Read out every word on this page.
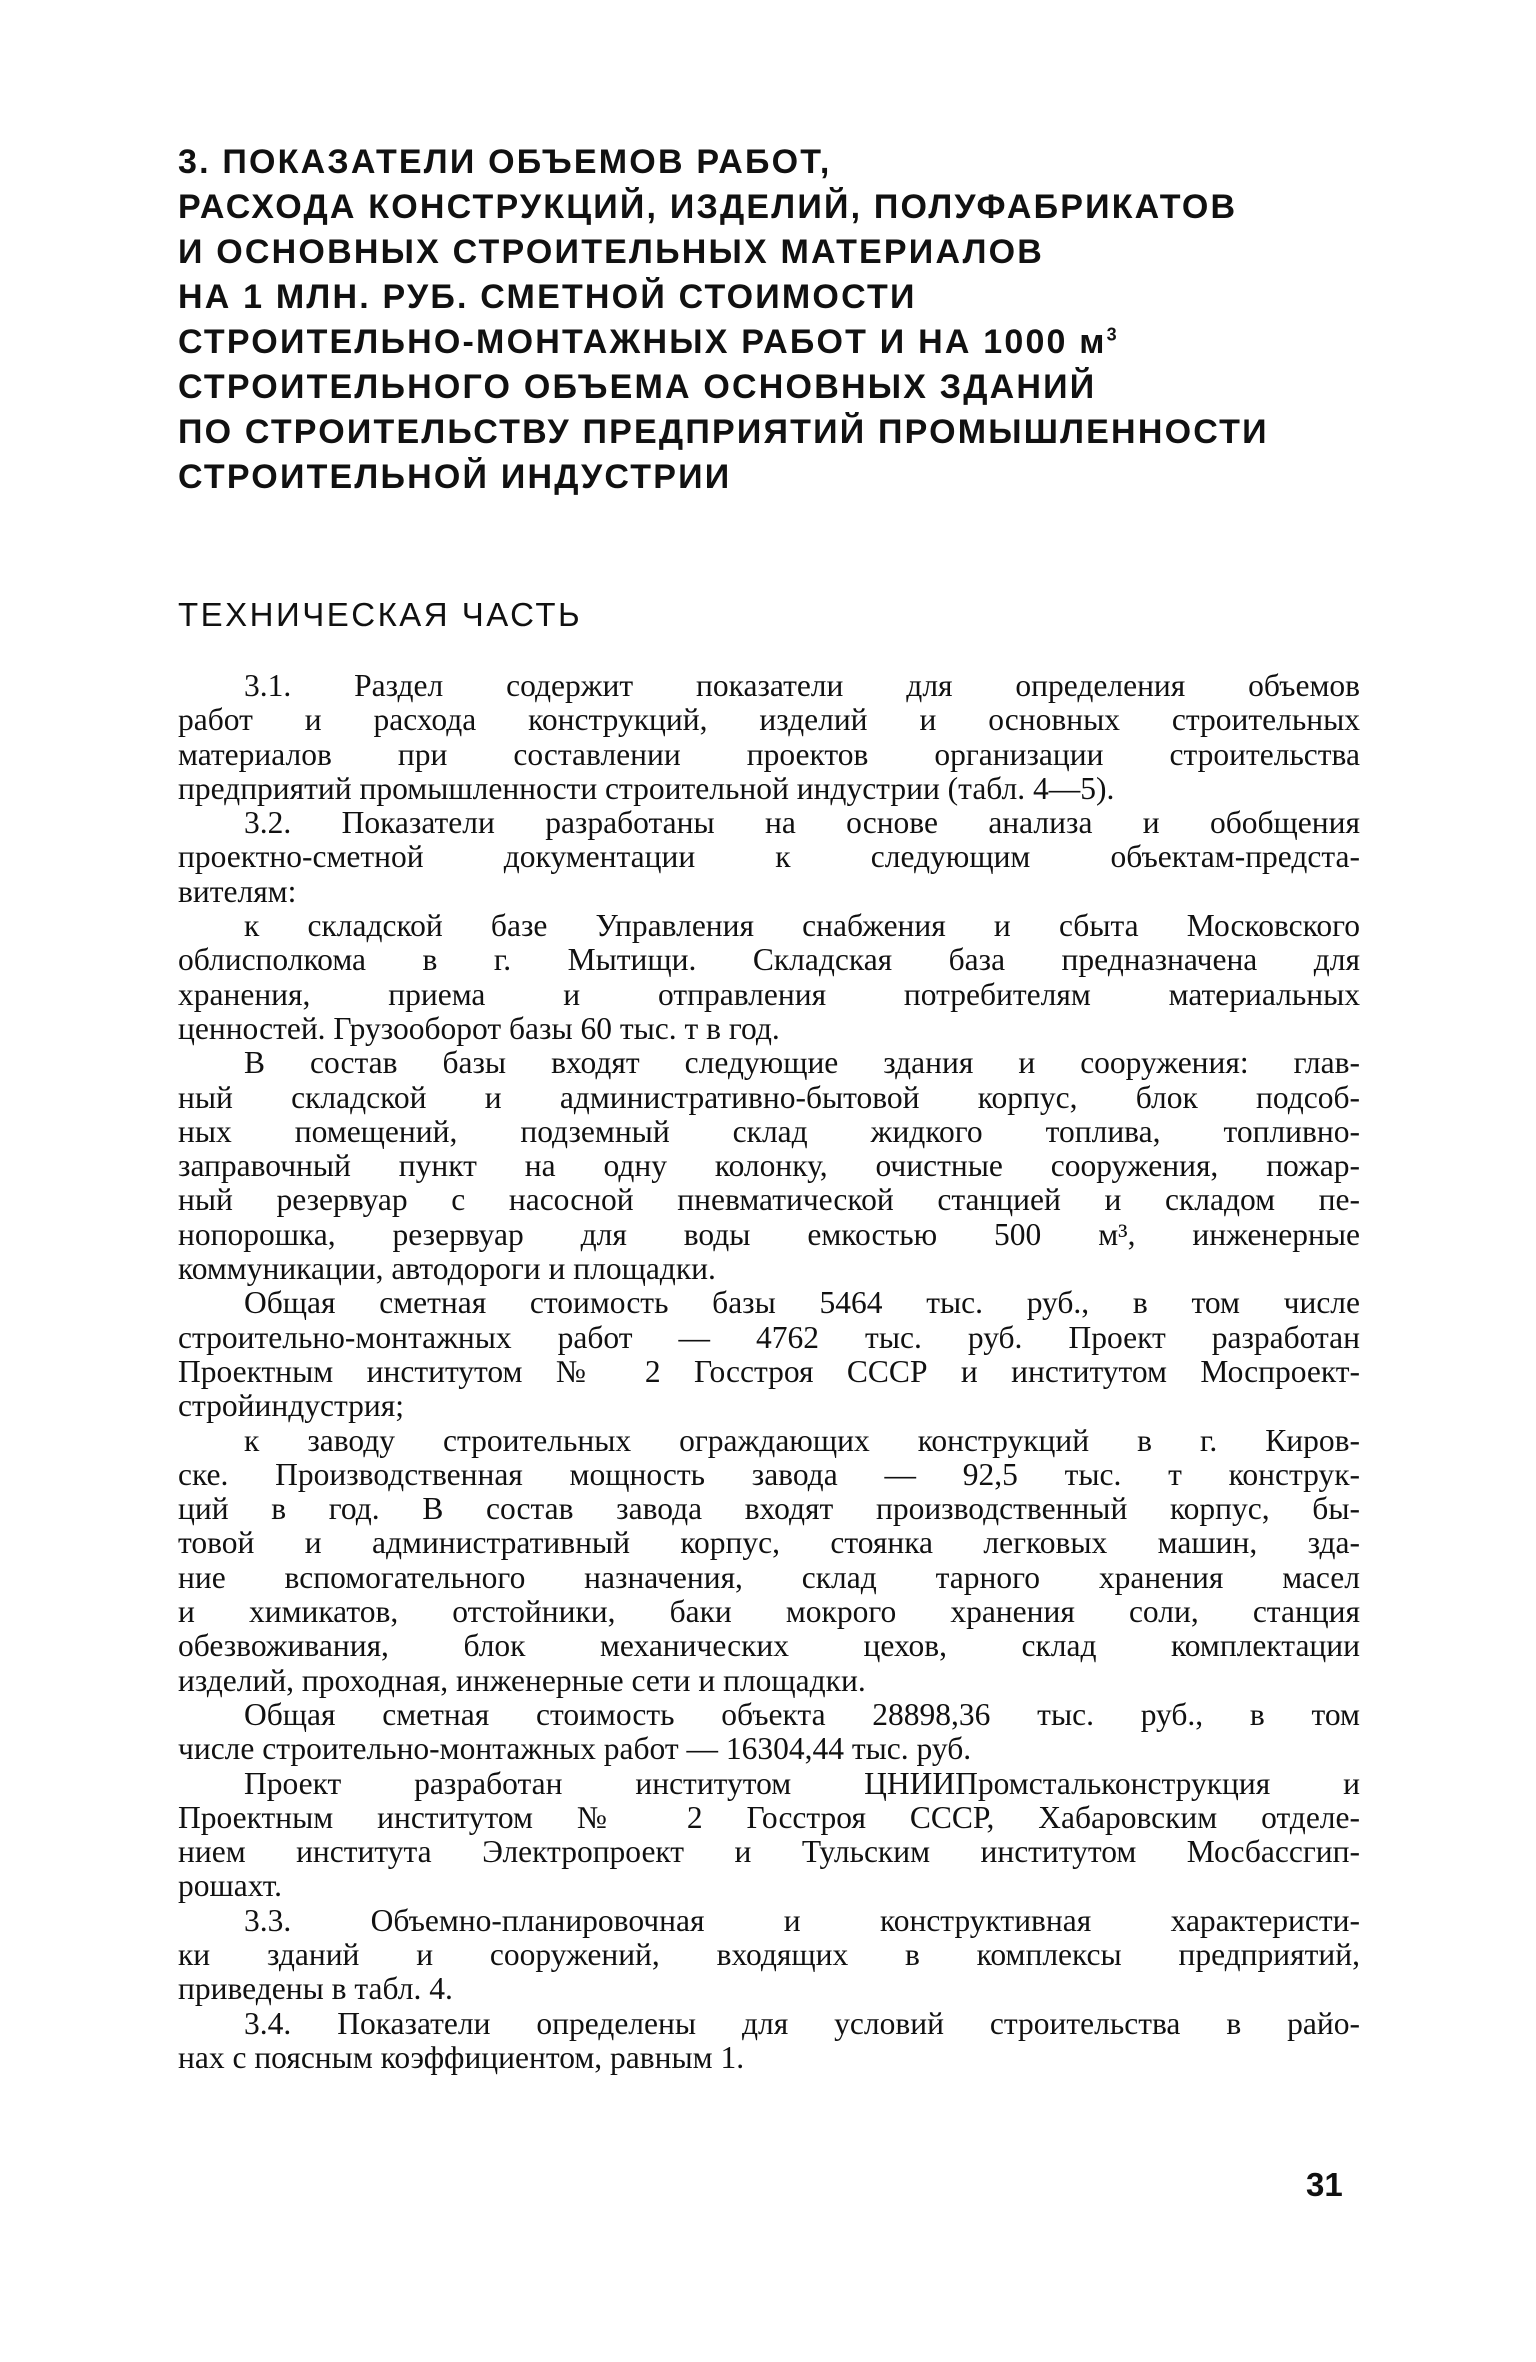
3. ПОКАЗАТЕЛИ ОБЪЕМОВ РАБОТ,
РАСХОДА КОНСТРУКЦИЙ, ИЗДЕЛИЙ, ПОЛУФАБРИКАТОВ
И ОСНОВНЫХ СТРОИТЕЛЬНЫХ МАТЕРИАЛОВ
НА 1 МЛН. РУБ. СМЕТНОЙ СТОИМОСТИ
СТРОИТЕЛЬНО-МОНТАЖНЫХ РАБОТ И НА 1000 $м^3$
СТРОИТЕЛЬНОГО ОБЪЕМА ОСНОВНЫХ ЗДАНИЙ
ПО СТРОИТЕЛЬСТВУ ПРЕДПРИЯТИЙ ПРОМЫШЛЕННОСТИ
СТРОИТЕЛЬНОЙ ИНДУСТРИИ
ТЕХНИЧЕСКАЯ ЧАСТЬ
3.1. Раздел содержит показатели для определения объемов
работ и расхода конструкций, изделий и основных строительных
материалов при составлении проектов организации строительства
предприятий промышленности строительной индустрии (табл. 4—5).
3.2. Показатели разработаны на основе анализа и обобщения
проектно-сметной документации к следующим объектам-предста-
вителям:
к складской базе Управления снабжения и сбыта Московского
облисполкома в г. Мытищи. Складская база предназначена для
хранения, приема и отправления потребителям материальных
ценностей. Грузооборот базы 60 тыс. т в год.
В состав базы входят следующие здания и сооружения: глав-
ный складской и административно-бытовой корпус, блок подсоб-
ных помещений, подземный склад жидкого топлива, топливно-
заправочный пункт на одну колонку, очистные сооружения, пожар-
ный резервуар с насосной пневматической станцией и складом пе-
нопорошка, резервуар для воды емкостью 500 м³, инженерные
коммуникации, автодороги и площадки.
Общая сметная стоимость базы 5464 тыс. руб., в том числе
строительно-монтажных работ — 4762 тыс. руб. Проект разработан
Проектным институтом № 2 Госстроя СССР и институтом Моспроект-
стройиндустрия;
к заводу строительных ограждающих конструкций в г. Киров-
ске. Производственная мощность завода — 92,5 тыс. т конструк-
ций в год. В состав завода входят производственный корпус, бы-
товой и административный корпус, стоянка легковых машин, зда-
ние вспомогательного назначения, склад тарного хранения масел
и химикатов, отстойники, баки мокрого хранения соли, станция
обезвоживания, блок механических цехов, склад комплектации
изделий, проходная, инженерные сети и площадки.
Общая сметная стоимость объекта 28898,36 тыс. руб., в том
числе строительно-монтажных работ — 16304,44 тыс. руб.
Проект разработан институтом ЦНИИПромстальконструкция и
Проектным институтом № 2 Госстроя СССР, Хабаровским отделе-
нием института Электропроект и Тульским институтом Мосбассгип-
рошахт.
3.3. Объемно-планировочная и конструктивная характеристи-
ки зданий и сооружений, входящих в комплексы предприятий,
приведены в табл. 4.
3.4. Показатели определены для условий строительства в райо-
нах с поясным коэффициентом, равным 1.
31
